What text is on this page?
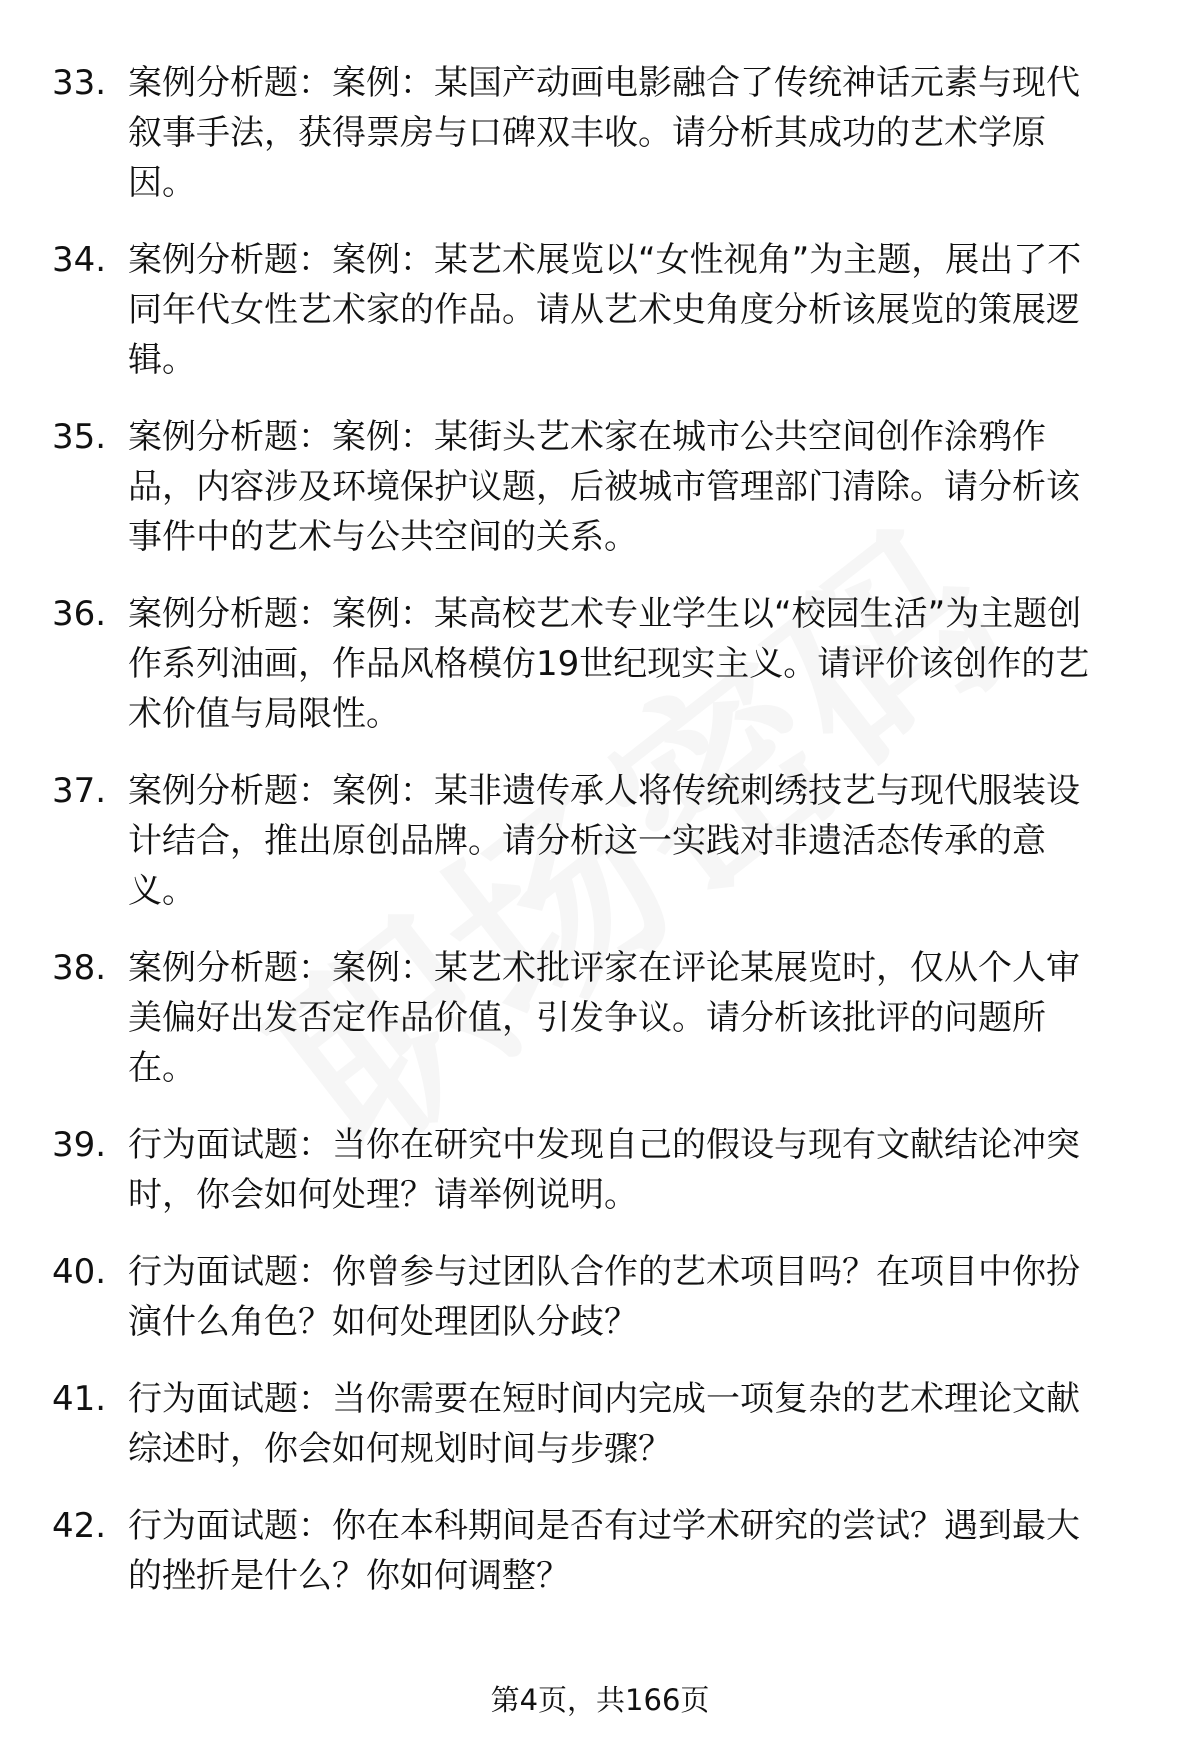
33. 案例分析题：案例：某国产动画电影融合了传统神话元素与现代叙事手法，获得票房与口碑双丰收。请分析其成功的艺术学原因。
34. 案例分析题：案例：某艺术展览以“女性视角”为主题，展出了不同年代女性艺术家的作品。请从艺术史角度分析该展览的策展逻辑。
35. 案例分析题：案例：某街头艺术家在城市公共空间创作涂鸦作品，内容涉及环境保护议题，后被城市管理部门清除。请分析该事件中的艺术与公共空间的关系。
36. 案例分析题：案例：某高校艺术专业学生以“校园生活”为主题创作系列油画，作品风格模仿19世纪现实主义。请评价该创作的艺术价值与局限性。
37. 案例分析题：案例：某非遗传承人将传统刺绣技艺与现代服装设计结合，推出原创品牌。请分析这一实践对非遗活态传承的意义。
38. 案例分析题：案例：某艺术批评家在评论某展览时，仅从个人审美偏好出发否定作品价值，引发争议。请分析该批评的问题所在。
39. 行为面试题：当你在研究中发现自己的假设与现有文献结论冲突时，你会如何处理？请举例说明。
40. 行为面试题：你曾参与过团队合作的艺术项目吗？在项目中你扮演什么角色？如何处理团队分歧？
41. 行为面试题：当你需要在短时间内完成一项复杂的艺术理论文献综述时，你会如何规划时间与步骤？
42. 行为面试题：你在本科期间是否有过学术研究的尝试？遇到最大的挫折是什么？你如何调整？
第4页，共166页
